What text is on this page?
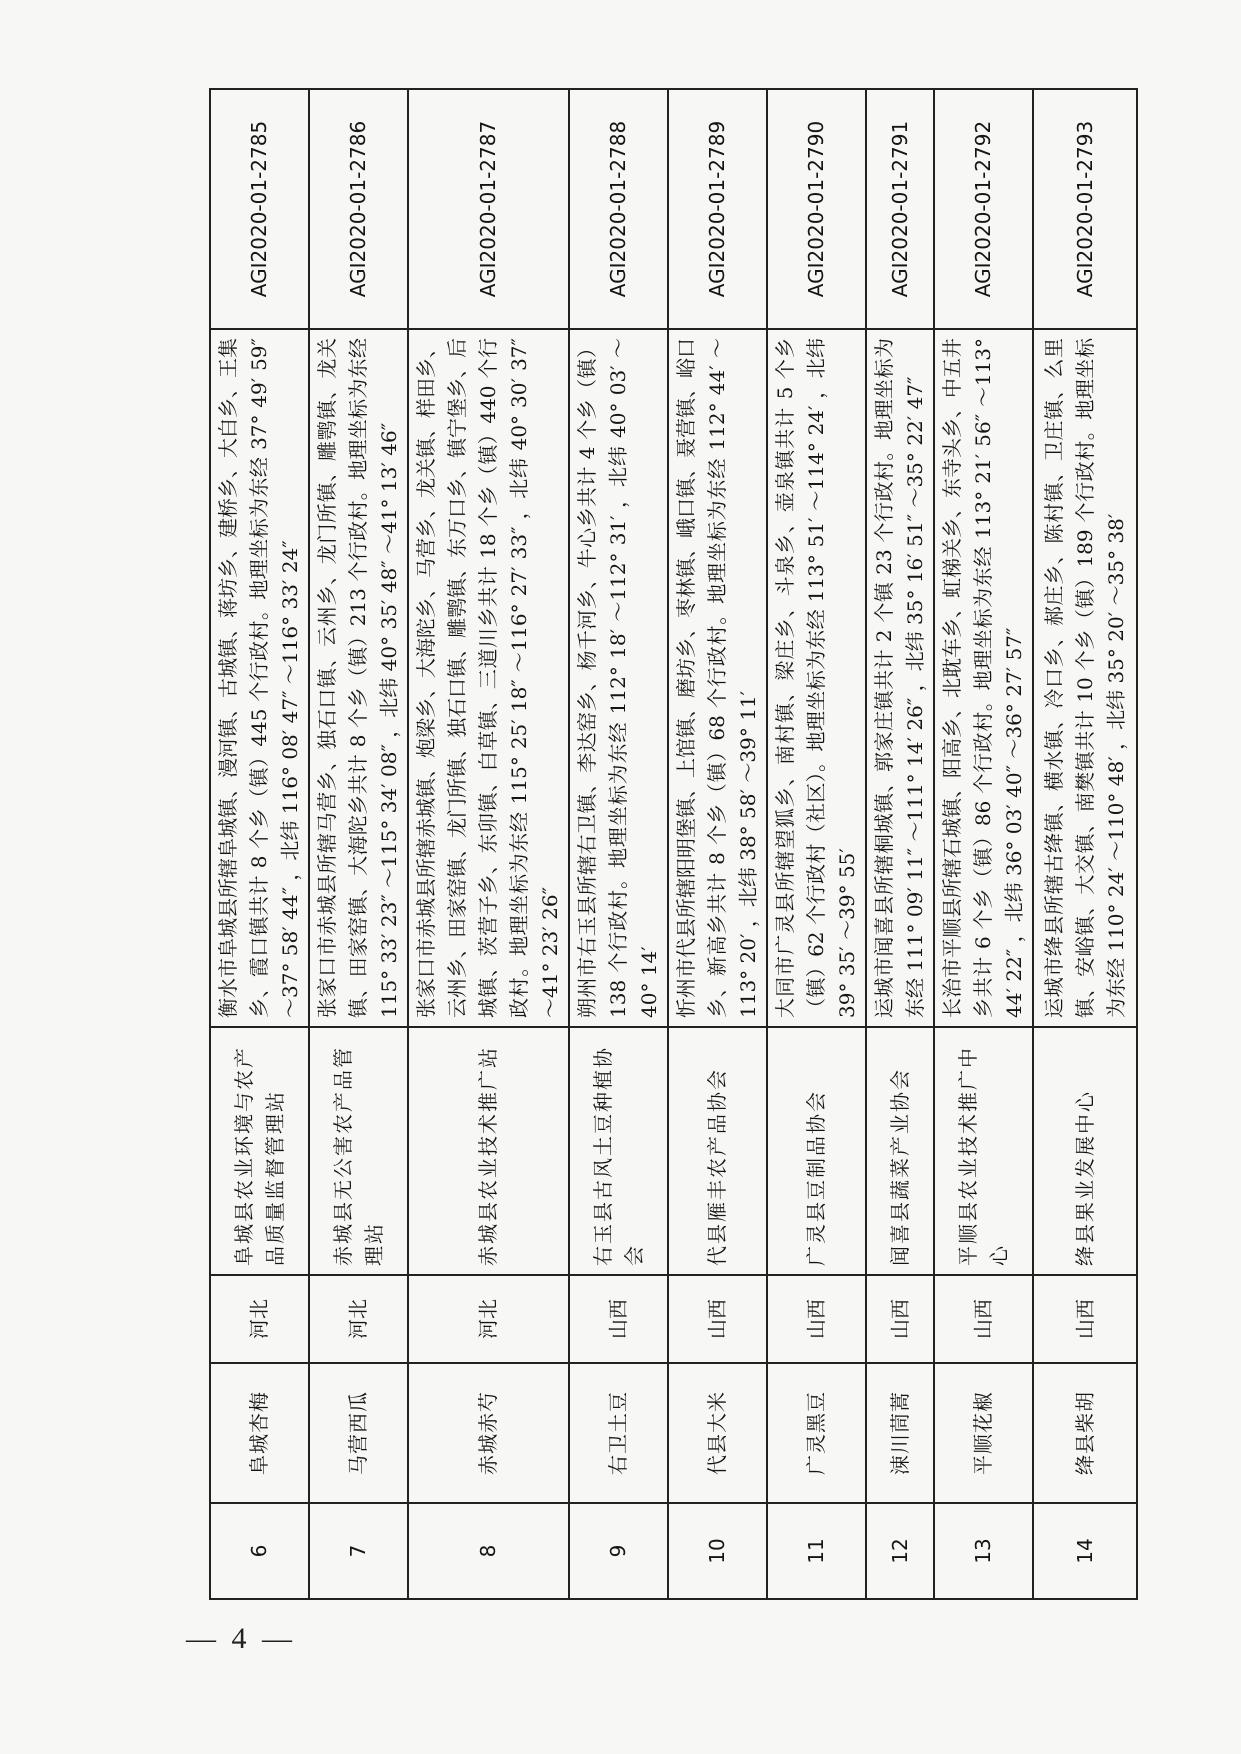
6	阜城杏梅	河北	阜城县农业环境与农产品质量监督管理站	衡水市阜城县所辖阜城镇、漫河镇、古城镇、蒋坊乡、建桥乡、大白乡、王集乡、霞口镇共计 8 个乡（镇）445 个行政村。地理坐标为东经 37° 49′ 59″ ～37° 58′ 44″ ，北纬 116° 08′ 47″ ～116° 33′ 24″	AGI2020-01-2785
7	马营西瓜	河北	赤城县无公害农产品管理站	张家口市赤城县所辖马营乡、独石口镇、云州乡、龙门所镇、雕鹗镇、龙关镇、田家窑镇、大海陀乡共计 8 个乡（镇）213 个行政村。地理坐标为东经 115° 33′ 23″ ～115° 34′ 08″ ，北纬 40° 35′ 48″ ～41° 13′ 46″	AGI2020-01-2786
8	赤城赤芍	河北	赤城县农业技术推广站	张家口市赤城县所辖赤城镇、炮梁乡、大海陀乡、马营乡、龙关镇、样田乡、云州乡、田家窑镇、龙门所镇、独石口镇、雕鹗镇、东万口乡、镇宁堡乡、后城镇、茨营子乡、东卯镇、白草镇、三道川乡共计 18 个乡（镇）440 个行政村。地理坐标为东经 115° 25′ 18″ ～116° 27′ 33″ ，北纬 40° 30′ 37″ ～41° 23′ 26″	AGI2020-01-2787
9	右卫土豆	山西	右玉县古风土豆种植协会	朔州市右玉县所辖右卫镇、李达窑乡、杨千河乡、牛心乡共计 4 个乡（镇）138 个行政村。地理坐标为东经 112° 18′ ～112° 31′ ，北纬 40° 03′ ～40° 14′	AGI2020-01-2788
10	代县大米	山西	代县雁丰农产品协会	忻州市代县所辖阳明堡镇、上馆镇、磨坊乡、枣林镇、峨口镇、聂营镇、峪口乡、新高乡共计 8 个乡（镇）68 个行政村。地理坐标为东经 112° 44′ ～113° 20′ ，北纬 38° 58′ ～39° 11′	AGI2020-01-2789
11	广灵黑豆	山西	广灵县豆制品协会	大同市广灵县所辖望狐乡、南村镇、梁庄乡、斗泉乡、壶泉镇共计 5 个乡（镇）62 个行政村（社区）。地理坐标为东经 113° 51′ ～114° 24′ ，北纬 39° 35′ ～39° 55′	AGI2020-01-2790
12	涑川茼蒿	山西	闻喜县蔬菜产业协会	运城市闻喜县所辖桐城镇、郭家庄镇共计 2 个镇 23 个行政村。地理坐标为东经 111° 09′ 11″ ～111° 14′ 26″ ，北纬 35° 16′ 51″ ～35° 22′ 47″	AGI2020-01-2791
13	平顺花椒	山西	平顺县农业技术推广中心	长治市平顺县所辖石城镇、阳高乡、北耽车乡、虹梯关乡、东寺头乡、中五井乡共计 6 个乡（镇）86 个行政村。地理坐标为东经 113° 21′ 56″ ～113° 44′ 22″ ，北纬 36° 03′ 40″ ～36° 27′ 57″	AGI2020-01-2792
14	绛县柴胡	山西	绛县果业发展中心	运城市绛县所辖古绛镇、横水镇、冷口乡、郝庄乡、陈村镇、卫庄镇、么里镇、安峪镇、大交镇、南樊镇共计 10 个乡（镇）189 个行政村。地理坐标为东经 110° 24′ ～110° 48′ ，北纬 35° 20′ ～35° 38′	AGI2020-01-2793
— 4 —
